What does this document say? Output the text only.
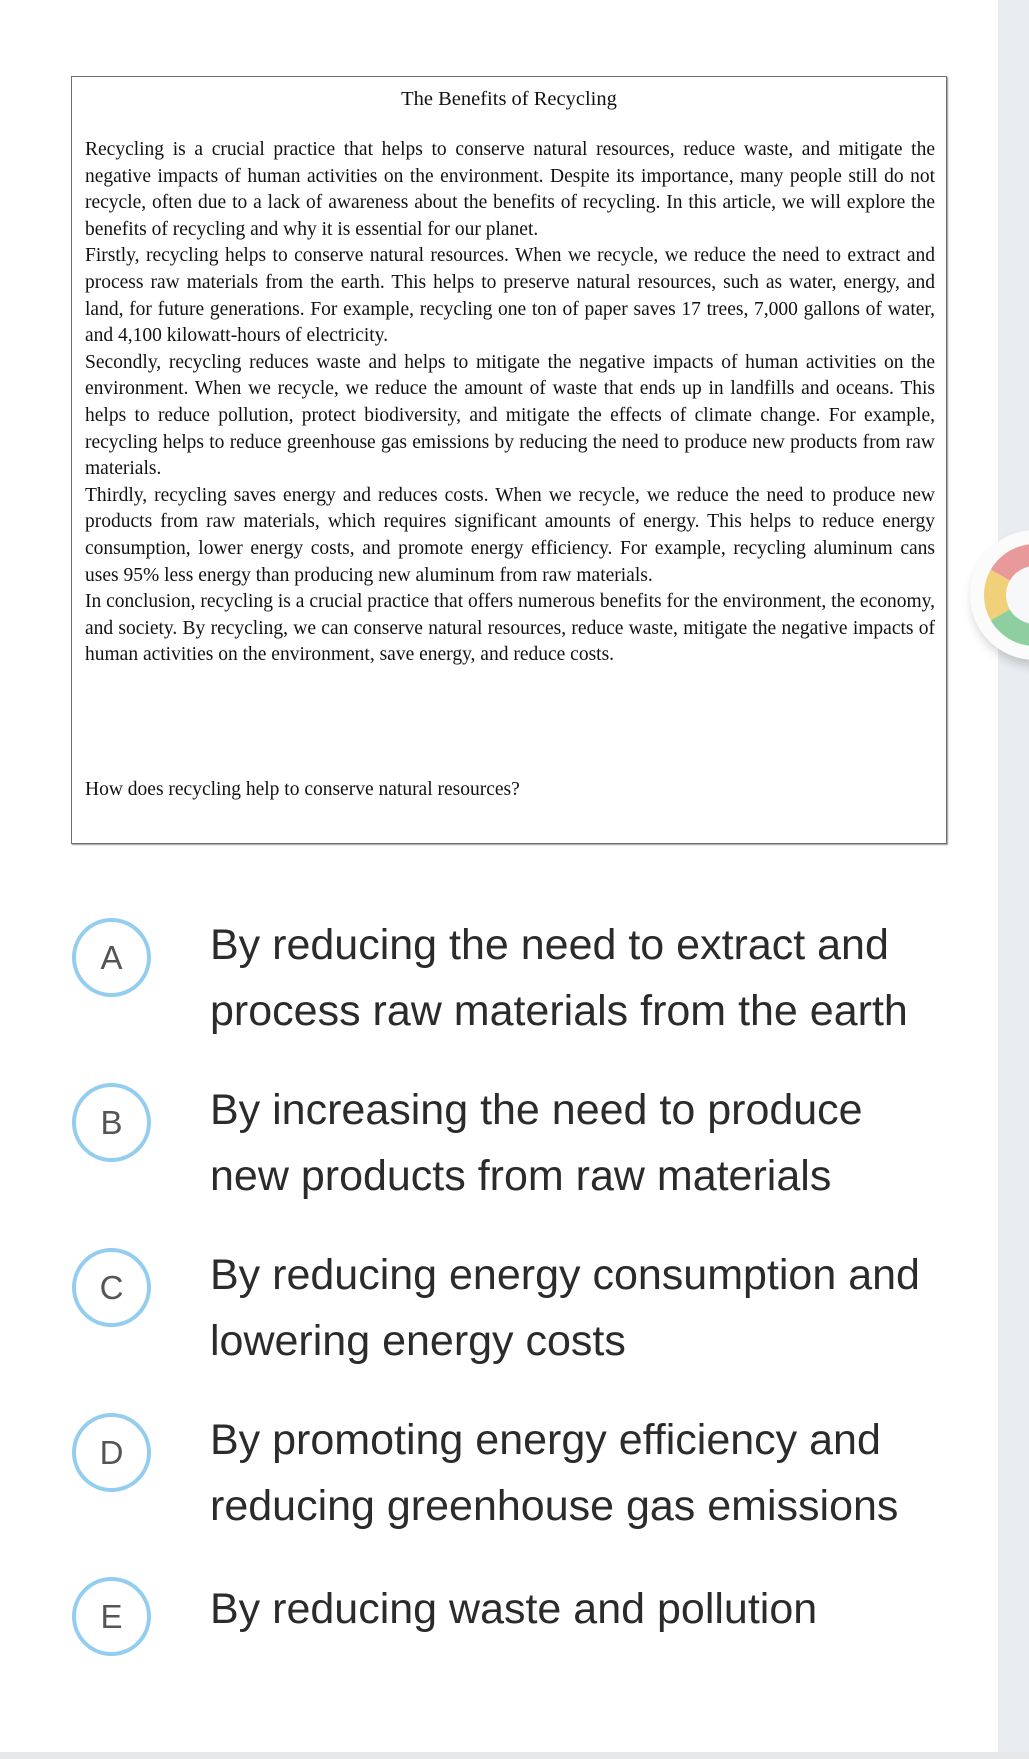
The Benefits of Recycling

Recycling is a crucial practice that helps to conserve natural resources, reduce waste, and mitigate the negative impacts of human activities on the environment. Despite its importance, many people still do not recycle, often due to a lack of awareness about the benefits of recycling. In this article, we will explore the benefits of recycling and why it is essential for our planet.

Firstly, recycling helps to conserve natural resources. When we recycle, we reduce the need to extract and process raw materials from the earth. This helps to preserve natural resources, such as water, energy, and land, for future generations. For example, recycling one ton of paper saves 17 trees, 7,000 gallons of water, and 4,100 kilowatt-hours of electricity.

Secondly, recycling reduces waste and helps to mitigate the negative impacts of human activities on the environment. When we recycle, we reduce the amount of waste that ends up in landfills and oceans. This helps to reduce pollution, protect biodiversity, and mitigate the effects of climate change. For example, recycling helps to reduce greenhouse gas emissions by reducing the need to produce new products from raw materials.

Thirdly, recycling saves energy and reduces costs. When we recycle, we reduce the need to produce new products from raw materials, which requires significant amounts of energy. This helps to reduce energy consumption, lower energy costs, and promote energy efficiency. For example, recycling aluminum cans uses 95% less energy than producing new aluminum from raw materials.

In conclusion, recycling is a crucial practice that offers numerous benefits for the environment, the economy, and society. By recycling, we can conserve natural resources, reduce waste, mitigate the negative impacts of human activities on the environment, save energy, and reduce costs.

How does recycling help to conserve natural resources?
A	By reducing the need to extract and process raw materials from the earth
B	By increasing the need to produce new products from raw materials
C	By reducing energy consumption and lowering energy costs
D	By promoting energy efficiency and reducing greenhouse gas emissions
E	By reducing waste and pollution
